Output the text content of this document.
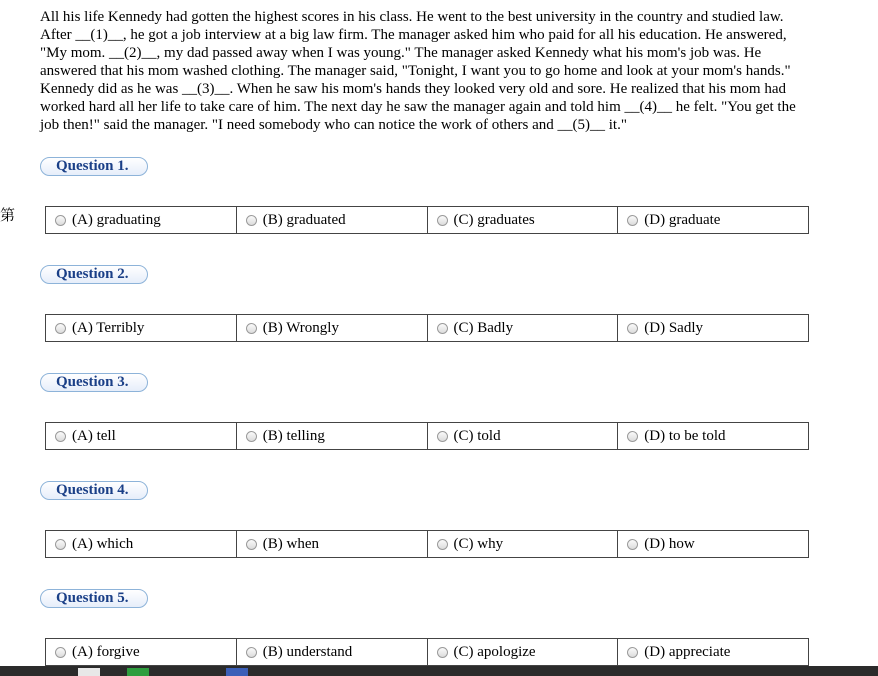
第
All his life Kennedy had gotten the highest scores in his class. He went to the best university in the country and studied law. After __(1)__, he got a job interview at a big law firm. The manager asked him who paid for all his education. He answered, "My mom. __(2)__, my dad passed away when I was young." The manager asked Kennedy what his mom's job was. He answered that his mom washed clothing. The manager said, "Tonight, I want you to go home and look at your mom's hands." Kennedy did as he was __(3)__. When he saw his mom's hands they looked very old and sore. He realized that his mom had worked hard all her life to take care of him. The next day he saw the manager again and told him __(4)__ he felt. "You get the job then!" said the manager. "I need somebody who can notice the work of others and __(5)__ it."
Question 1.
(A) graduating	(B) graduated	(C) graduates	(D) graduate
Question 2.
(A) Terribly	(B) Wrongly	(C) Badly	(D) Sadly
Question 3.
(A) tell	(B) telling	(C) told	(D) to be told
Question 4.
(A) which	(B) when	(C) why	(D) how
Question 5.
(A) forgive	(B) understand	(C) apologize	(D) appreciate
